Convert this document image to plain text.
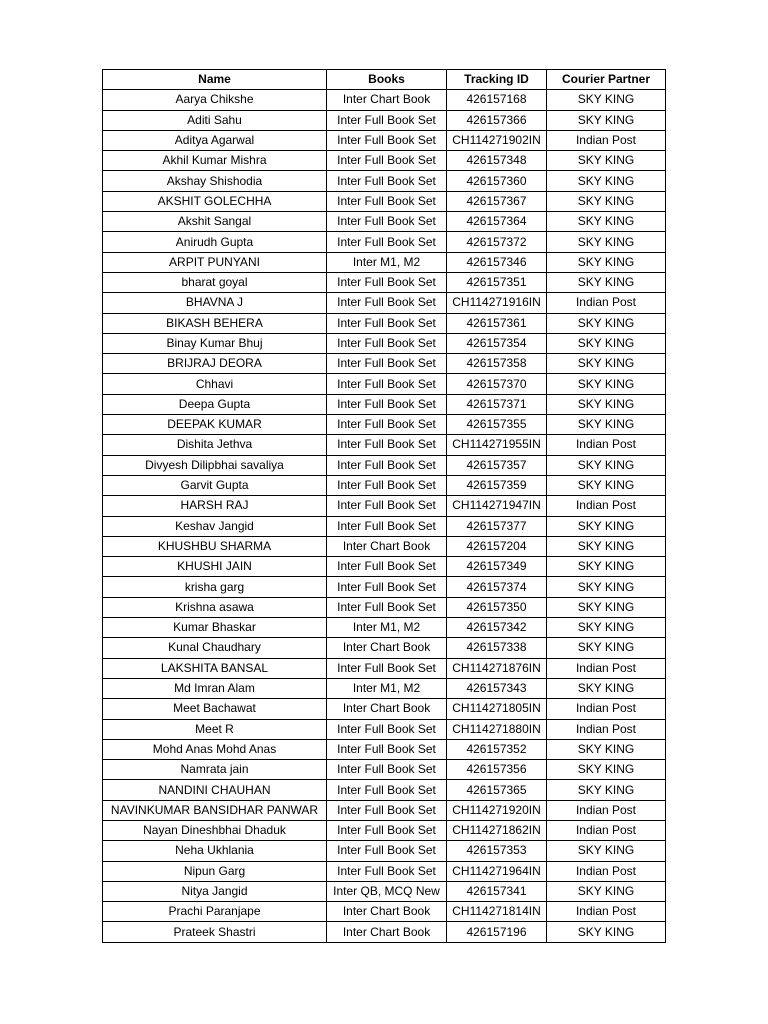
Name	Books	Tracking ID	Courier Partner
Aarya Chikshe	Inter Chart Book	426157168	SKY KING
Aditi Sahu	Inter Full Book Set	426157366	SKY KING
Aditya Agarwal	Inter Full Book Set	CH114271902IN	Indian Post
Akhil Kumar Mishra	Inter Full Book Set	426157348	SKY KING
Akshay Shishodia	Inter Full Book Set	426157360	SKY KING
AKSHIT GOLECHHA	Inter Full Book Set	426157367	SKY KING
Akshit Sangal	Inter Full Book Set	426157364	SKY KING
Anirudh Gupta	Inter Full Book Set	426157372	SKY KING
ARPIT PUNYANI	Inter M1, M2	426157346	SKY KING
bharat goyal	Inter Full Book Set	426157351	SKY KING
BHAVNA J	Inter Full Book Set	CH114271916IN	Indian Post
BIKASH BEHERA	Inter Full Book Set	426157361	SKY KING
Binay Kumar Bhuj	Inter Full Book Set	426157354	SKY KING
BRIJRAJ DEORA	Inter Full Book Set	426157358	SKY KING
Chhavi	Inter Full Book Set	426157370	SKY KING
Deepa Gupta	Inter Full Book Set	426157371	SKY KING
DEEPAK KUMAR	Inter Full Book Set	426157355	SKY KING
Dishita Jethva	Inter Full Book Set	CH114271955IN	Indian Post
Divyesh Dilipbhai savaliya	Inter Full Book Set	426157357	SKY KING
Garvit Gupta	Inter Full Book Set	426157359	SKY KING
HARSH RAJ	Inter Full Book Set	CH114271947IN	Indian Post
Keshav Jangid	Inter Full Book Set	426157377	SKY KING
KHUSHBU SHARMA	Inter Chart Book	426157204	SKY KING
KHUSHI JAIN	Inter Full Book Set	426157349	SKY KING
krisha garg	Inter Full Book Set	426157374	SKY KING
Krishna asawa	Inter Full Book Set	426157350	SKY KING
Kumar Bhaskar	Inter M1, M2	426157342	SKY KING
Kunal Chaudhary	Inter Chart Book	426157338	SKY KING
LAKSHITA BANSAL	Inter Full Book Set	CH114271876IN	Indian Post
Md Imran Alam	Inter M1, M2	426157343	SKY KING
Meet Bachawat	Inter Chart Book	CH114271805IN	Indian Post
Meet R	Inter Full Book Set	CH114271880IN	Indian Post
Mohd Anas Mohd Anas	Inter Full Book Set	426157352	SKY KING
Namrata jain	Inter Full Book Set	426157356	SKY KING
NANDINI CHAUHAN	Inter Full Book Set	426157365	SKY KING
NAVINKUMAR BANSIDHAR PANWAR	Inter Full Book Set	CH114271920IN	Indian Post
Nayan Dineshbhai Dhaduk	Inter Full Book Set	CH114271862IN	Indian Post
Neha Ukhlania	Inter Full Book Set	426157353	SKY KING
Nipun Garg	Inter Full Book Set	CH114271964IN	Indian Post
Nitya Jangid	Inter QB, MCQ New	426157341	SKY KING
Prachi Paranjape	Inter Chart Book	CH114271814IN	Indian Post
Prateek Shastri	Inter Chart Book	426157196	SKY KING
